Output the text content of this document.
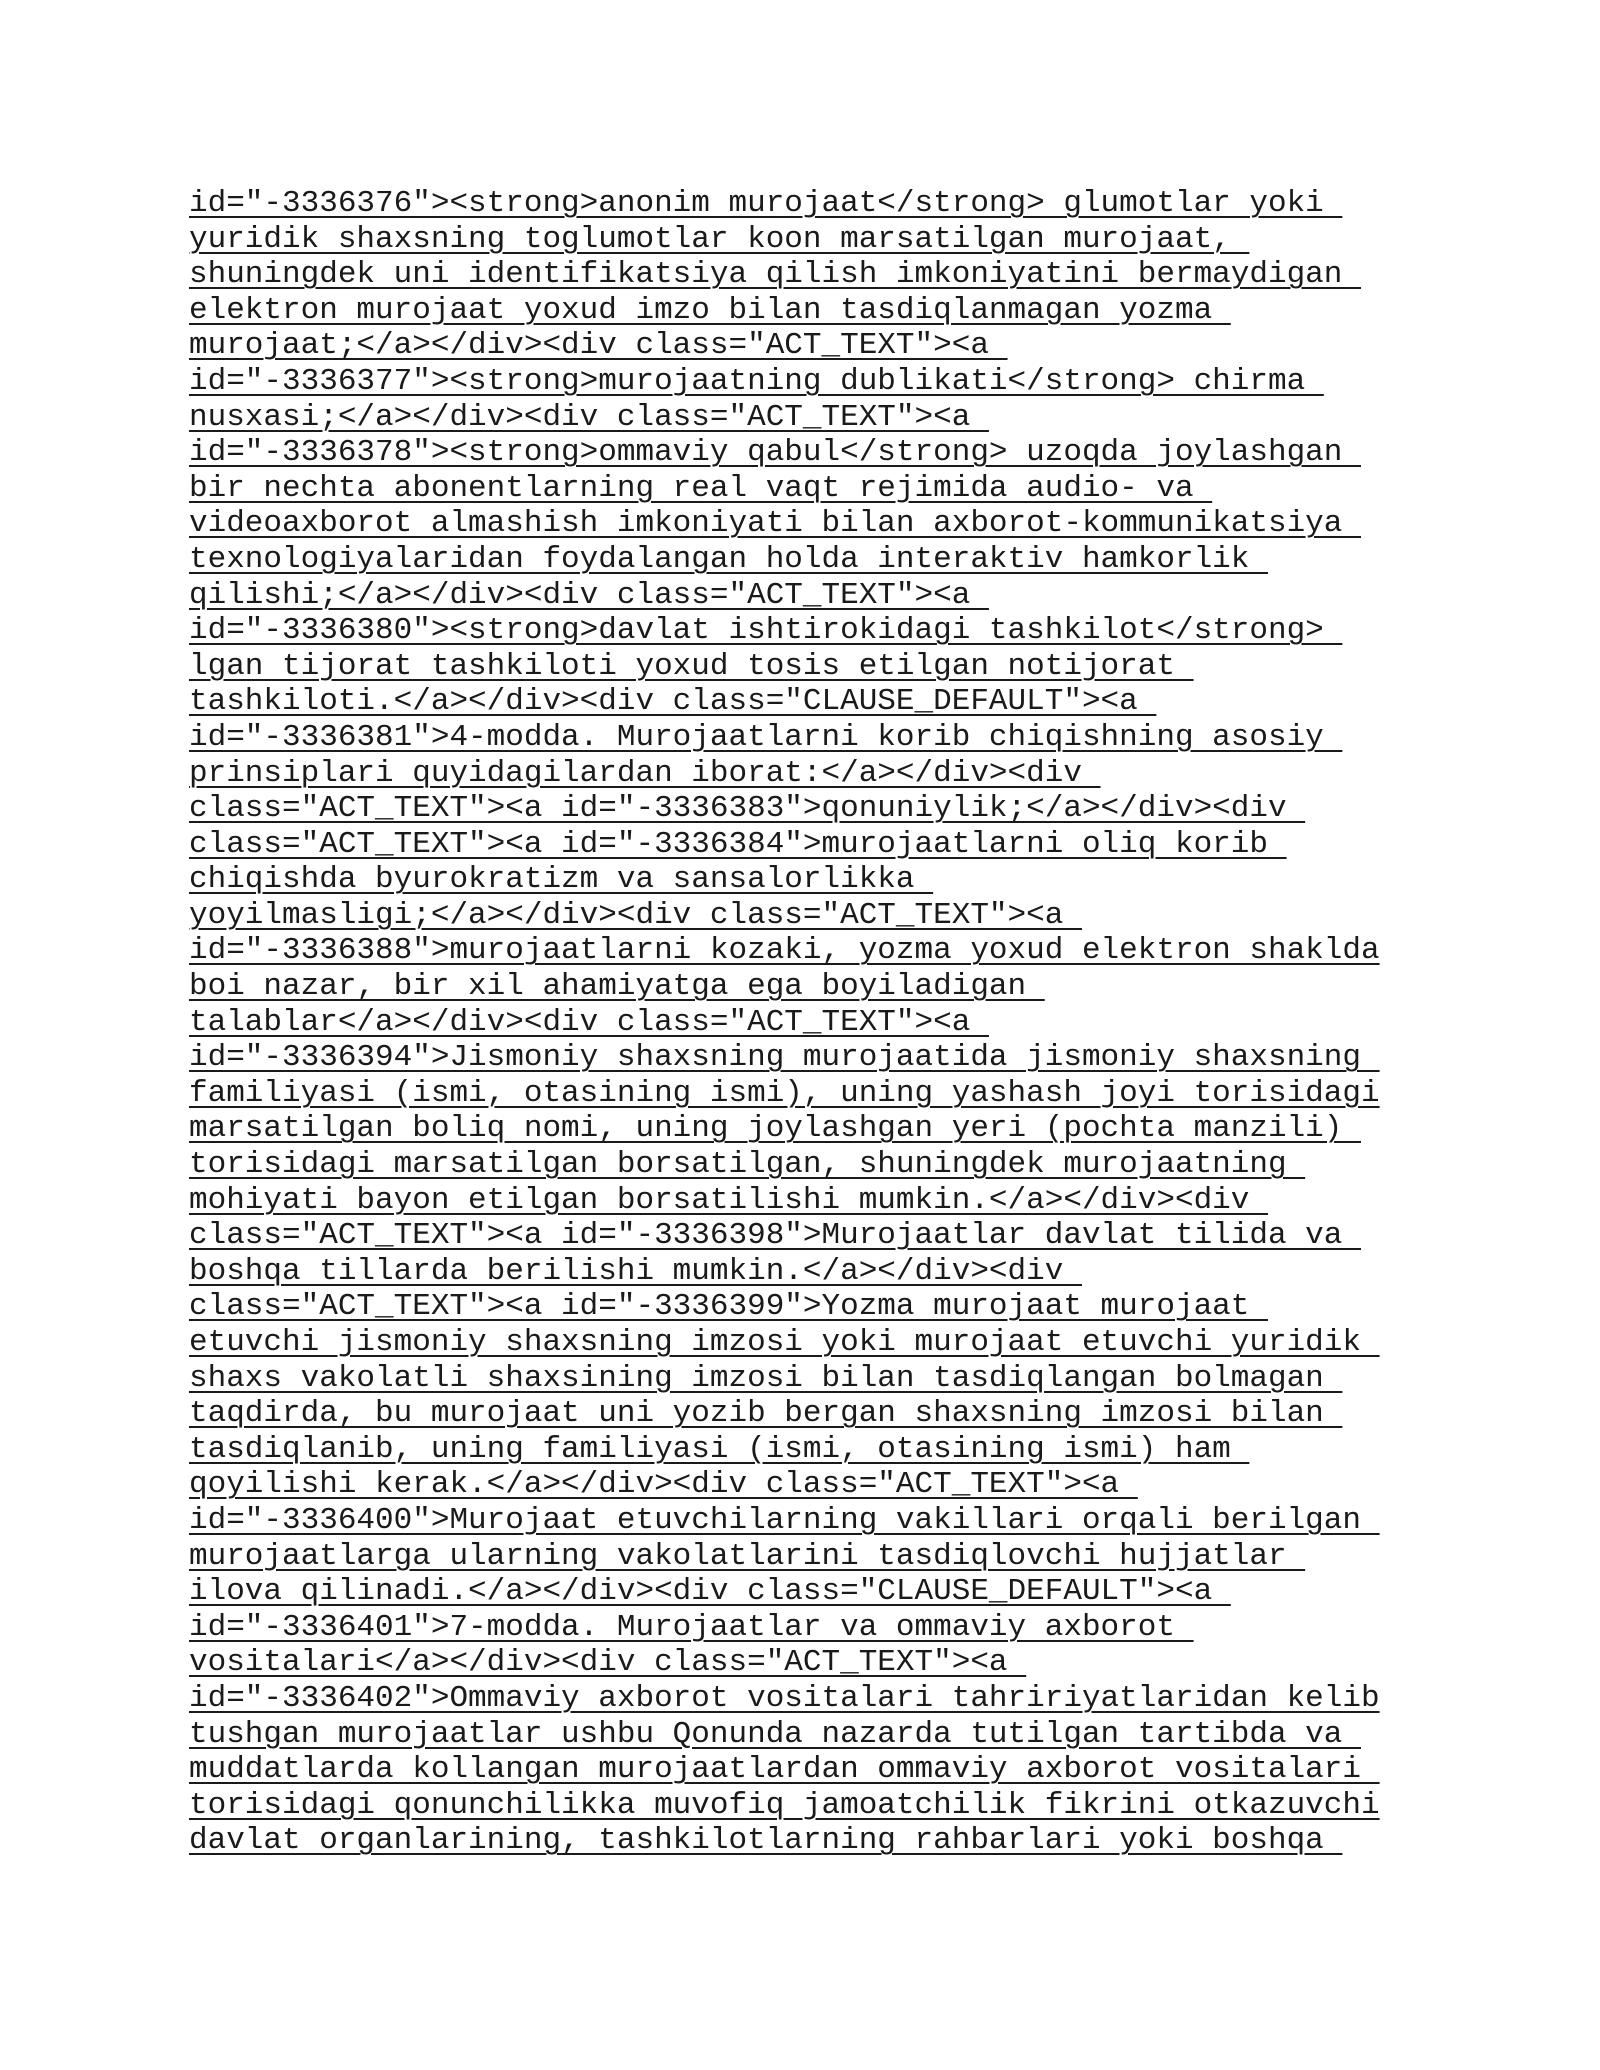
id="-3336376"><strong>anonim murojaat</strong> glumotlar yoki
yuridik shaxsning toglumotlar koon marsatilgan murojaat,
shuningdek uni identifikatsiya qilish imkoniyatini bermaydigan
elektron murojaat yoxud imzo bilan tasdiqlanmagan yozma
murojaat;</a></div><div class="ACT_TEXT"><a
id="-3336377"><strong>murojaatning dublikati</strong> chirma
nusxasi;</a></div><div class="ACT_TEXT"><a
id="-3336378"><strong>ommaviy qabul</strong> uzoqda joylashgan
bir nechta abonentlarning real vaqt rejimida audio- va
videoaxborot almashish imkoniyati bilan axborot-kommunikatsiya
texnologiyalaridan foydalangan holda interaktiv hamkorlik
qilishi;</a></div><div class="ACT_TEXT"><a
id="-3336380"><strong>davlat ishtirokidagi tashkilot</strong>
lgan tijorat tashkiloti yoxud tosis etilgan notijorat
tashkiloti.</a></div><div class="CLAUSE_DEFAULT"><a
id="-3336381">4-modda. Murojaatlarni korib chiqishning asosiy
prinsiplari quyidagilardan iborat:</a></div><div
class="ACT_TEXT"><a id="-3336383">qonuniylik;</a></div><div
class="ACT_TEXT"><a id="-3336384">murojaatlarni oliq korib
chiqishda byurokratizm va sansalorlikka
yoyilmasligi;</a></div><div class="ACT_TEXT"><a
id="-3336388">murojaatlarni kozaki, yozma yoxud elektron shaklda
boi nazar, bir xil ahamiyatga ega boyiladigan
talablar</a></div><div class="ACT_TEXT"><a
id="-3336394">Jismoniy shaxsning murojaatida jismoniy shaxsning
familiyasi (ismi, otasining ismi), uning yashash joyi torisidagi
marsatilgan boliq nomi, uning joylashgan yeri (pochta manzili)
torisidagi marsatilgan borsatilgan, shuningdek murojaatning
mohiyati bayon etilgan borsatilishi mumkin.</a></div><div
class="ACT_TEXT"><a id="-3336398">Murojaatlar davlat tilida va
boshqa tillarda berilishi mumkin.</a></div><div
class="ACT_TEXT"><a id="-3336399">Yozma murojaat murojaat
etuvchi jismoniy shaxsning imzosi yoki murojaat etuvchi yuridik
shaxs vakolatli shaxsining imzosi bilan tasdiqlangan bolmagan
taqdirda, bu murojaat uni yozib bergan shaxsning imzosi bilan
tasdiqlanib, uning familiyasi (ismi, otasining ismi) ham
qoyilishi kerak.</a></div><div class="ACT_TEXT"><a
id="-3336400">Murojaat etuvchilarning vakillari orqali berilgan
murojaatlarga ularning vakolatlarini tasdiqlovchi hujjatlar
ilova qilinadi.</a></div><div class="CLAUSE_DEFAULT"><a
id="-3336401">7-modda. Murojaatlar va ommaviy axborot
vositalari</a></div><div class="ACT_TEXT"><a
id="-3336402">Ommaviy axborot vositalari tahririyatlaridan kelib
tushgan murojaatlar ushbu Qonunda nazarda tutilgan tartibda va
muddatlarda kollangan murojaatlardan ommaviy axborot vositalari
torisidagi qonunchilikka muvofiq jamoatchilik fikrini otkazuvchi
davlat organlarining, tashkilotlarning rahbarlari yoki boshqa
